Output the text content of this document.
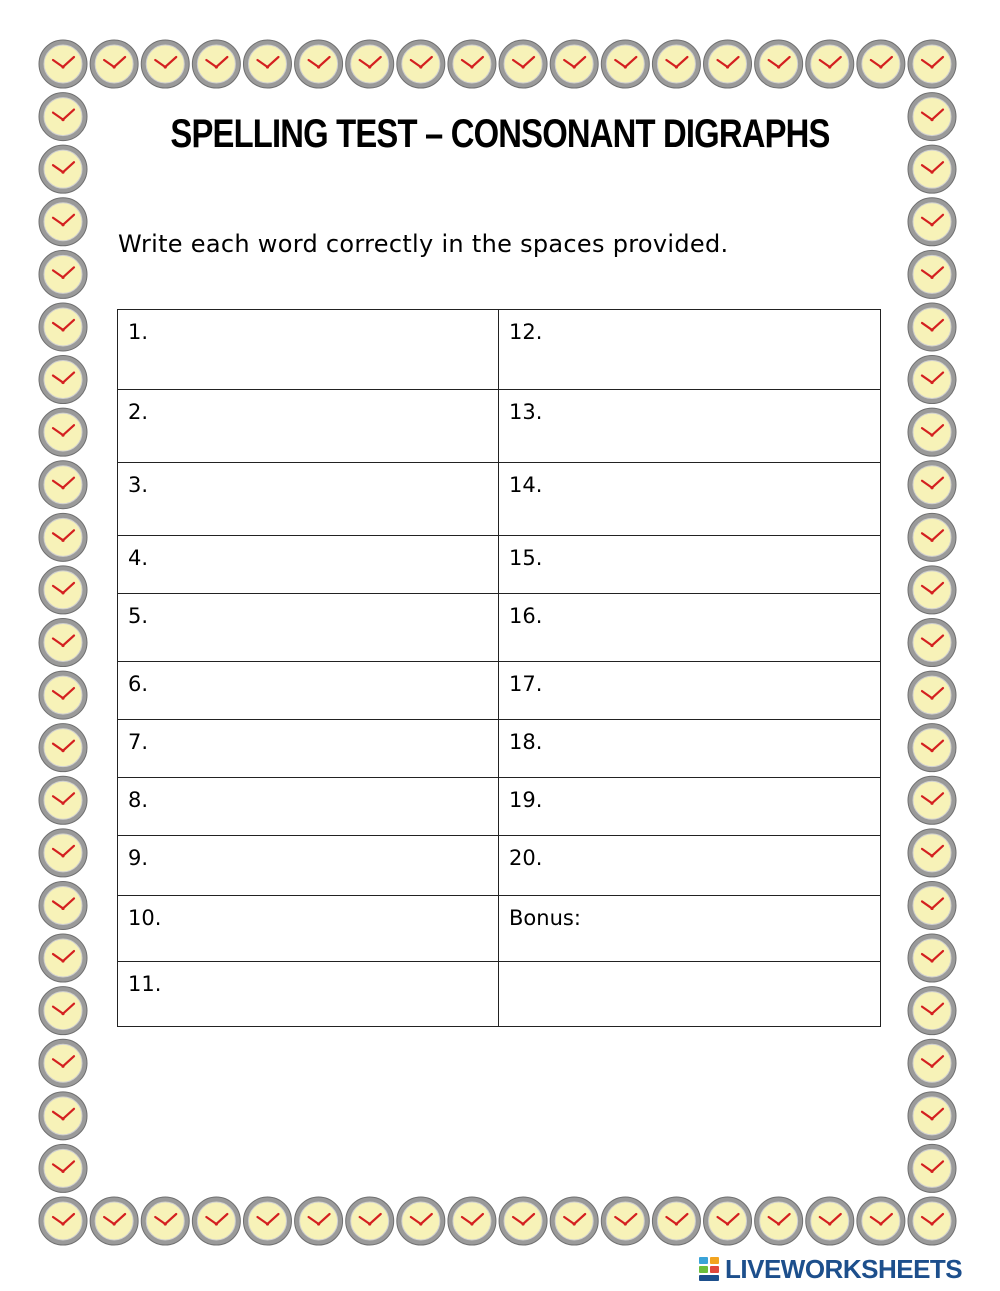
SPELLING TEST – CONSONANT DIGRAPHS

Write each word correctly in the spaces provided.

1.	12.
2.	13.
3.	14.
4.	15.
5.	16.
6.	17.
7.	18.
8.	19.
9.	20.
10.	Bonus:
11.	
LIVEWORKSHEETS
